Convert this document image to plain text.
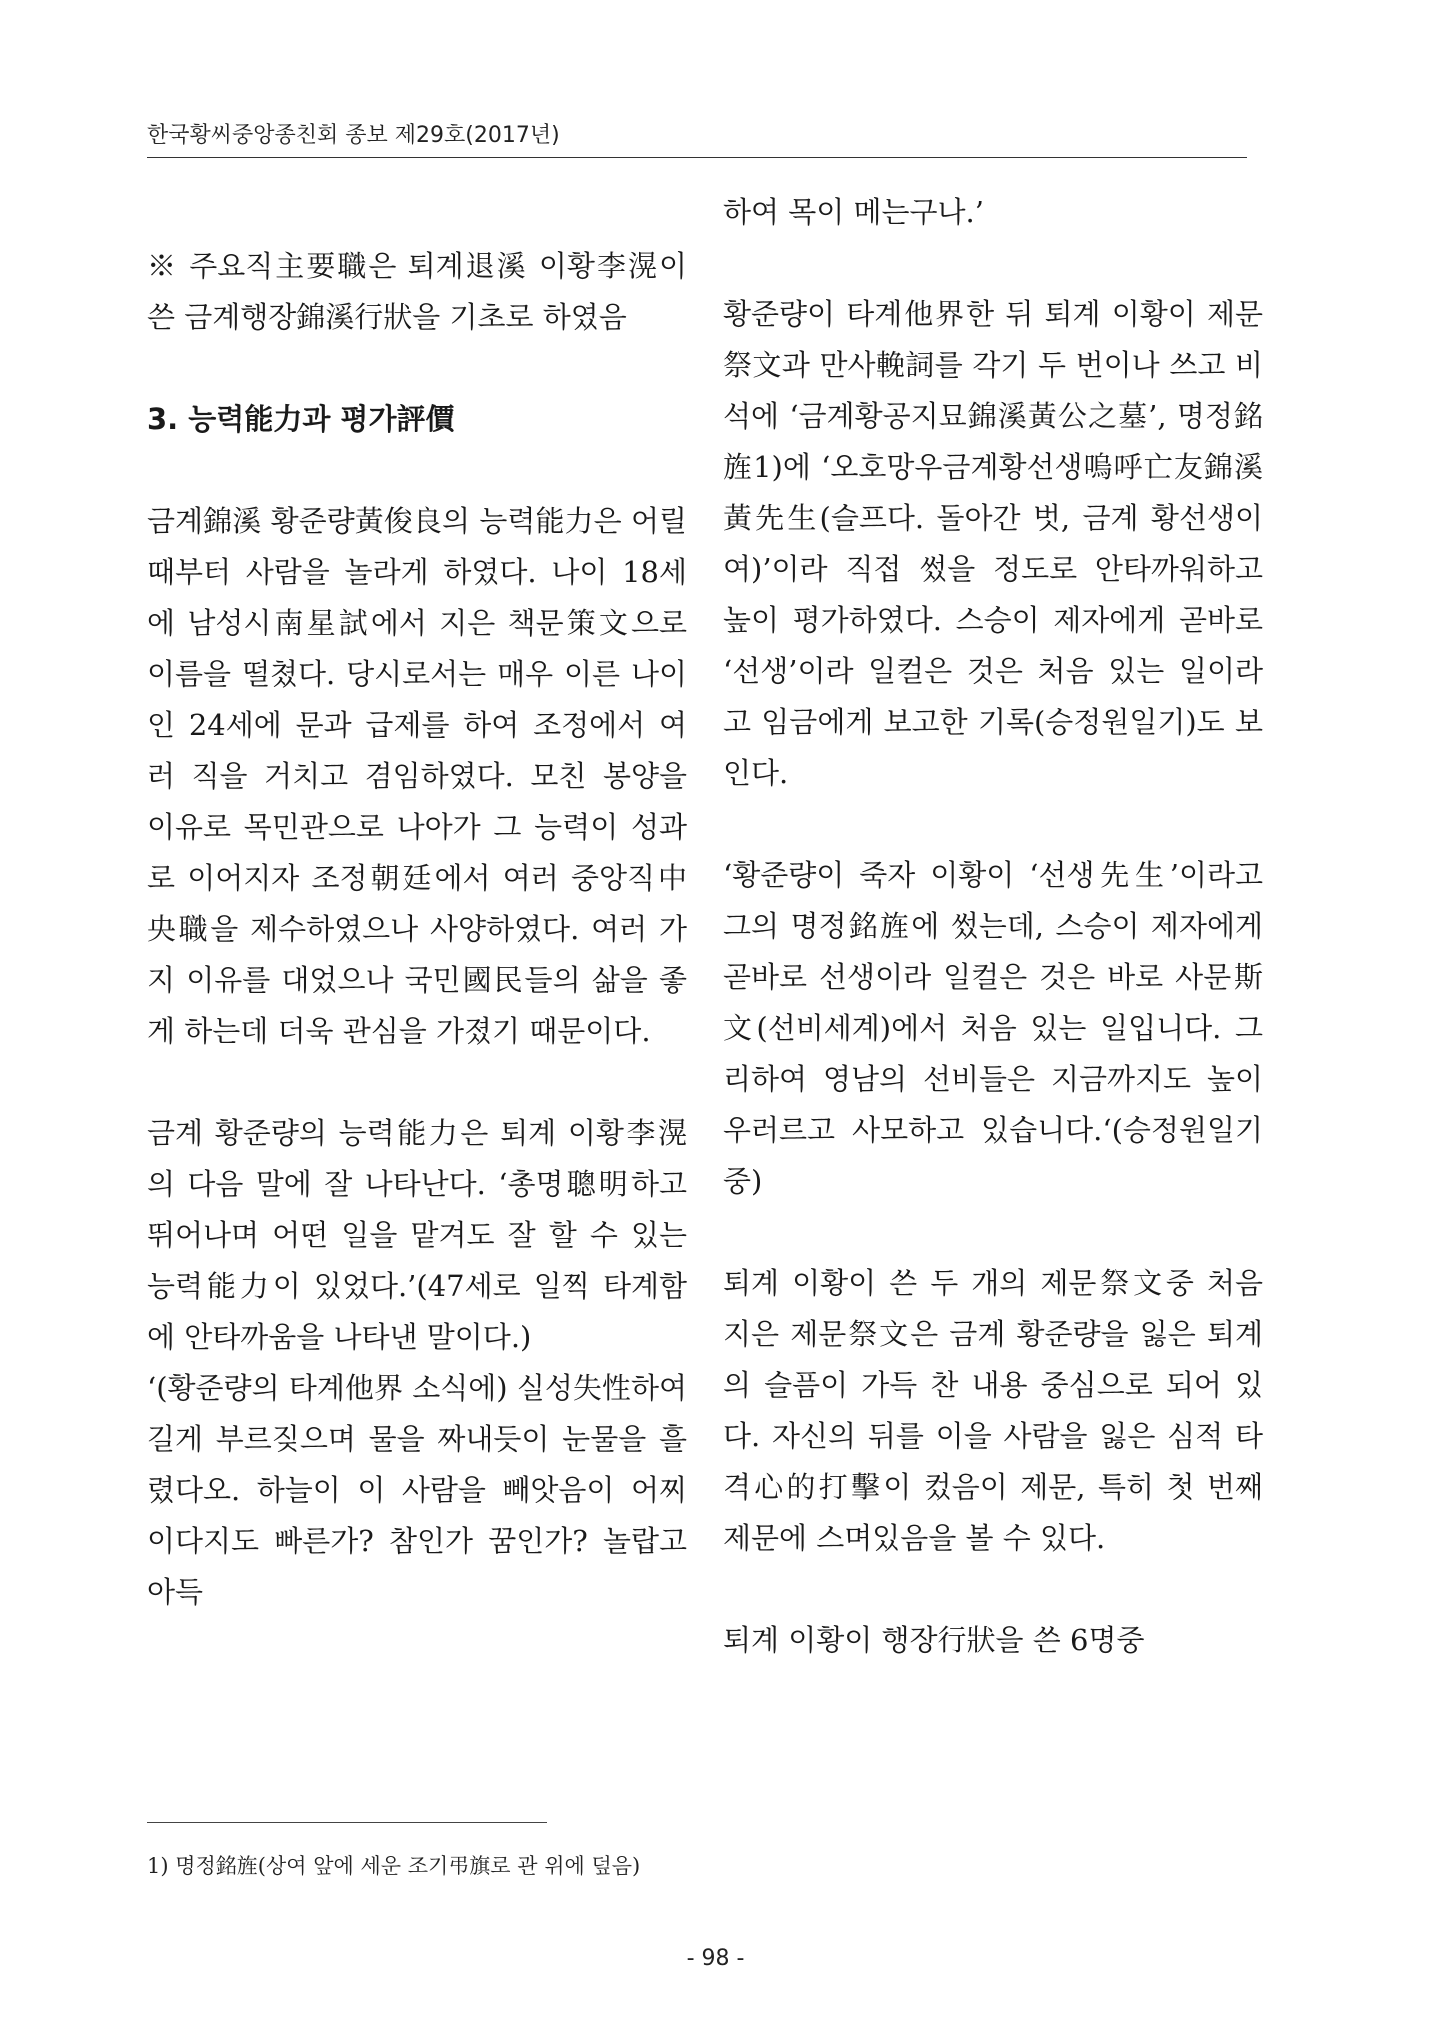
한국황씨중앙종친회 종보 제29호(2017년)

※ 주요직主要職은 퇴계退溪 이황李滉이 쓴 금계행장錦溪行狀을 기초로 하였음

3. 능력能力과 평가評價

금계錦溪 황준량黃俊良의 능력能力은 어릴 때부터 사람을 놀라게 하였다. 나이 18세에 남성시南星試에서 지은 책문策文으로 이름을 떨쳤다. 당시로서는 매우 이른 나이인 24세에 문과 급제를 하여 조정에서 여러 직을 거치고 겸임하였다. 모친 봉양을 이유로 목민관으로 나아가 그 능력이 성과로 이어지자 조정朝廷에서 여러 중앙직中央職을 제수하였으나 사양하였다. 여러 가지 이유를 대었으나 국민國民들의 삶을 좋게 하는데 더욱 관심을 가졌기 때문이다.

금계 황준량의 능력能力은 퇴계 이황李滉의 다음 말에 잘 나타난다. ‘총명聰明하고 뛰어나며 어떤 일을 맡겨도 잘 할 수 있는 능력能力이 있었다.’(47세로 일찍 타계함에 안타까움을 나타낸 말이다.)

‘(황준량의 타계他界 소식에) 실성失性하여 길게 부르짖으며 물을 짜내듯이 눈물을 흘렸다오. 하늘이 이 사람을 빼앗음이 어찌 이다지도 빠른가? 참인가 꿈인가? 놀랍고 아득

하여 목이 메는구나.’

황준량이 타계他界한 뒤 퇴계 이황이 제문祭文과 만사輓詞를 각기 두 번이나 쓰고 비석에 ‘금계황공지묘錦溪黃公之墓’, 명정銘旌1)에 ‘오호망우금계황선생嗚呼亡友錦溪黃先生(슬프다. 돌아간 벗, 금계 황선생이여)’이라 직접 썼을 정도로 안타까워하고 높이 평가하였다. 스승이 제자에게 곧바로 ‘선생’이라 일컬은 것은 처음 있는 일이라고 임금에게 보고한 기록(승정원일기)도 보인다.

‘황준량이 죽자 이황이 ‘선생先生’이라고 그의 명정銘旌에 썼는데, 스승이 제자에게 곧바로 선생이라 일컬은 것은 바로 사문斯文(선비세계)에서 처음 있는 일입니다. 그리하여 영남의 선비들은 지금까지도 높이 우러르고 사모하고 있습니다.‘(승정원일기 중)

퇴계 이황이 쓴 두 개의 제문祭文중 처음 지은 제문祭文은 금계 황준량을 잃은 퇴계의 슬픔이 가득 찬 내용 중심으로 되어 있다. 자신의 뒤를 이을 사람을 잃은 심적 타격心的打擊이 컸음이 제문, 특히 첫 번째 제문에 스며있음을 볼 수 있다.

퇴계 이황이 행장行狀을 쓴 6명중

1) 명정銘旌(상여 앞에 세운 조기弔旗로 관 위에 덮음)
- 98 -
